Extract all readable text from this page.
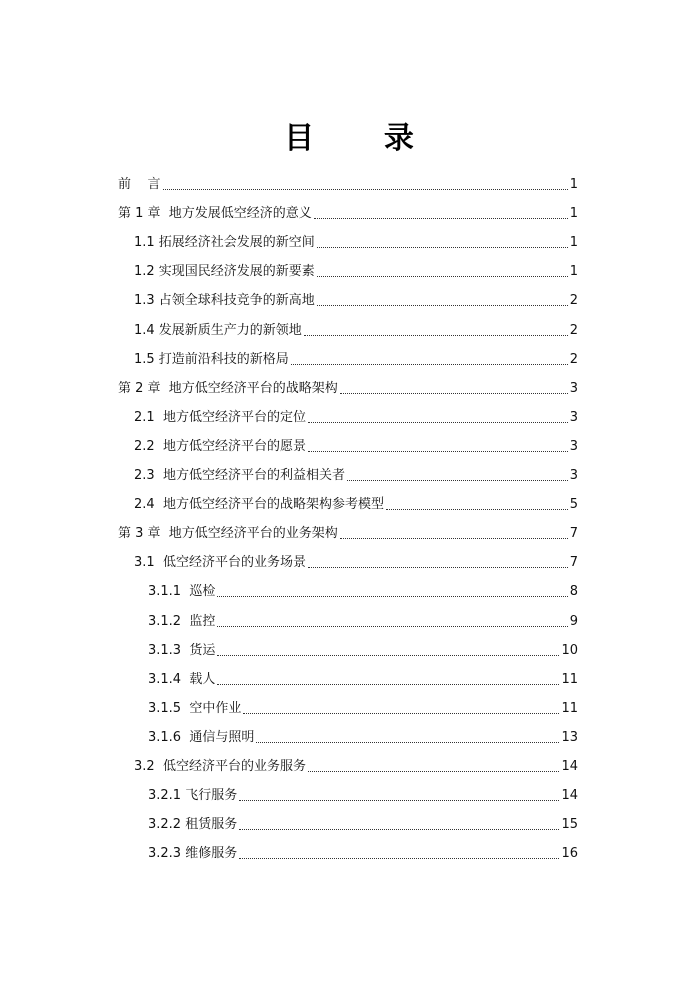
目      录
前    言	1
第 1 章  地方发展低空经济的意义	1
1.1 拓展经济社会发展的新空间	1
1.2 实现国民经济发展的新要素	1
1.3 占领全球科技竞争的新高地	2
1.4 发展新质生产力的新领地	2
1.5 打造前沿科技的新格局	2
第 2 章  地方低空经济平台的战略架构	3
2.1  地方低空经济平台的定位	3
2.2  地方低空经济平台的愿景	3
2.3  地方低空经济平台的利益相关者	3
2.4  地方低空经济平台的战略架构参考模型	5
第 3 章  地方低空经济平台的业务架构	7
3.1  低空经济平台的业务场景	7
3.1.1  巡检	8
3.1.2  监控	9
3.1.3  货运	10
3.1.4  载人	11
3.1.5  空中作业	11
3.1.6  通信与照明	13
3.2  低空经济平台的业务服务	14
3.2.1 飞行服务	14
3.2.2 租赁服务	15
3.2.3 维修服务	16
